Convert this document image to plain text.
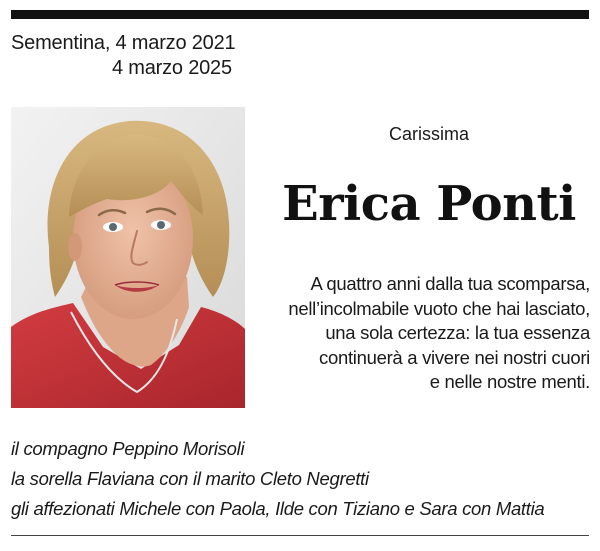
Sementina, 4 marzo 2021
4 marzo 2025
Carissima
Erica Ponti
A quattro anni dalla tua scomparsa,
nell’incolmabile vuoto che hai lasciato,
una sola certezza: la tua essenza
continuerà a vivere nei nostri cuori
e nelle nostre menti.
il compagno Peppino Morisoli
la sorella Flaviana con il marito Cleto Negretti
gli affezionati Michele con Paola, Ilde con Tiziano e Sara con Mattia
